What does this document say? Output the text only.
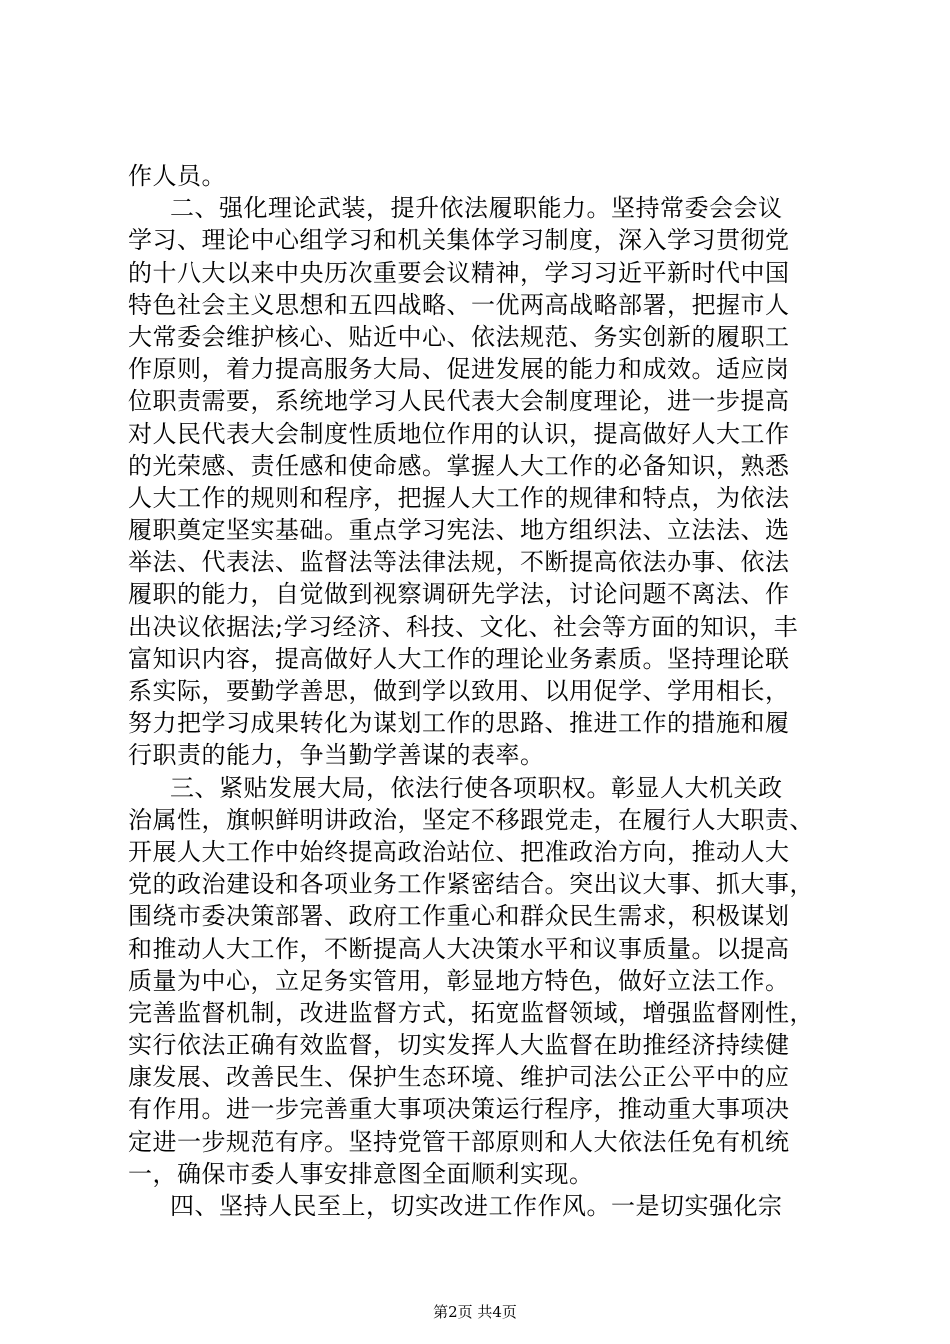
作人员。
二、强化理论武装，提升依法履职能力。坚持常委会会议
学习、理论中心组学习和机关集体学习制度，深入学习贯彻党
的十八大以来中央历次重要会议精神，学习习近平新时代中国
特色社会主义思想和五四战略、一优两高战略部署，把握市人
大常委会维护核心、贴近中心、依法规范、务实创新的履职工
作原则，着力提高服务大局、促进发展的能力和成效。适应岗
位职责需要，系统地学习人民代表大会制度理论，进一步提高
对人民代表大会制度性质地位作用的认识，提高做好人大工作
的光荣感、责任感和使命感。掌握人大工作的必备知识，熟悉
人大工作的规则和程序，把握人大工作的规律和特点，为依法
履职奠定坚实基础。重点学习宪法、地方组织法、立法法、选
举法、代表法、监督法等法律法规，不断提高依法办事、依法
履职的能力，自觉做到视察调研先学法，讨论问题不离法、作
出决议依据法;学习经济、科技、文化、社会等方面的知识，丰
富知识内容，提高做好人大工作的理论业务素质。坚持理论联
系实际，要勤学善思，做到学以致用、以用促学、学用相长，
努力把学习成果转化为谋划工作的思路、推进工作的措施和履
行职责的能力，争当勤学善谋的表率。
三、紧贴发展大局，依法行使各项职权。彰显人大机关政
治属性，旗帜鲜明讲政治，坚定不移跟党走，在履行人大职责、
开展人大工作中始终提高政治站位、把准政治方向，推动人大
党的政治建设和各项业务工作紧密结合。突出议大事、抓大事，
围绕市委决策部署、政府工作重心和群众民生需求，积极谋划
和推动人大工作，不断提高人大决策水平和议事质量。以提高
质量为中心，立足务实管用，彰显地方特色，做好立法工作。
完善监督机制，改进监督方式，拓宽监督领域，增强监督刚性，
实行依法正确有效监督，切实发挥人大监督在助推经济持续健
康发展、改善民生、保护生态环境、维护司法公正公平中的应
有作用。进一步完善重大事项决策运行程序，推动重大事项决
定进一步规范有序。坚持党管干部原则和人大依法任免有机统
一，确保市委人事安排意图全面顺利实现。
四、坚持人民至上，切实改进工作作风。一是切实强化宗
第2页 共4页
